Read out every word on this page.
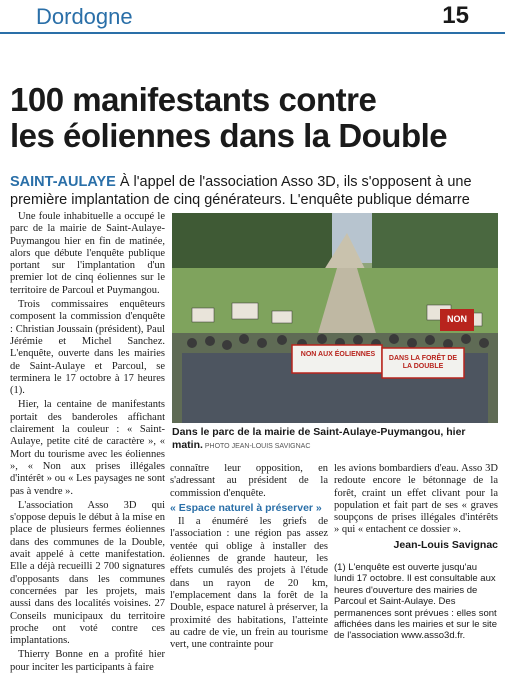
Dordogne	15
100 manifestants contre
les éoliennes dans la Double
SAINT-AULAYE À l'appel de l'association Asso 3D, ils s'opposent à une première implantation de cinq générateurs. L'enquête publique démarre

Une foule inhabituelle a occupé le parc de la mairie de Saint-Aulaye-Puymangou hier en fin de matinée, alors que débute l'enquête publique portant sur l'implantation d'un premier lot de cinq éoliennes sur le territoire de Parcoul et Puymangou.

Trois commissaires enquêteurs composent la commission d'enquête : Christian Joussain (président), Paul Jérémie et Michel Sanchez. L'enquête, ouverte dans les mairies de Saint-Aulaye et Parcoul, se terminera le 17 octobre à 17 heures (1).

Hier, la centaine de manifestants portait des banderoles affichant clairement la couleur : « Saint-Aulaye, petite cité de caractère », « Mort du tourisme avec les éoliennes », « Non aux prises illégales d'intérêt » ou « Les paysages ne sont pas à vendre ».

L'association Asso 3D qui s'oppose depuis le début à la mise en place de plusieurs fermes éoliennes dans des communes de la Double, avait appelé à cette manifestation. Elle a déjà recueilli 2 700 signatures d'opposants dans les communes concernées par les projets, mais aussi dans des localités voisines. 27 Conseils municipaux du territoire proche ont voté contre ces implantations.

Thierry Bonne en a profité hier pour inciter les participants à faire

NON AUX ÉOLIENNES
DANS LA FORÊT DE LA DOUBLE
NON
Dans le parc de la mairie de Saint-Aulaye-Puymangou, hier matin. PHOTO JEAN-LOUIS SAVIGNAC

connaître leur opposition, en s'adressant au président de la commission d'enquête.

« Espace naturel à préserver »

Il a énuméré les griefs de l'association : une région pas assez ventée qui oblige à installer des éoliennes de grande hauteur, les effets cumulés des projets à l'étude dans un rayon de 20 km, l'emplacement dans la forêt de la Double, espace naturel à préserver, la proximité des habitations, l'atteinte au cadre de vie, un frein au tourisme vert, une contrainte pour

les avions bombardiers d'eau. Asso 3D redoute encore le bétonnage de la forêt, craint un effet clivant pour la population et fait part de ses « graves soupçons de prises illégales d'intérêts » qui « entachent ce dossier ».

Jean-Louis Savignac

(1) L'enquête est ouverte jusqu'au lundi 17 octobre. Il est consultable aux heures d'ouverture des mairies de Parcoul et Saint-Aulaye. Des permanences sont prévues : elles sont affichées dans les mairies et sur le site de l'association www.asso3d.fr.
